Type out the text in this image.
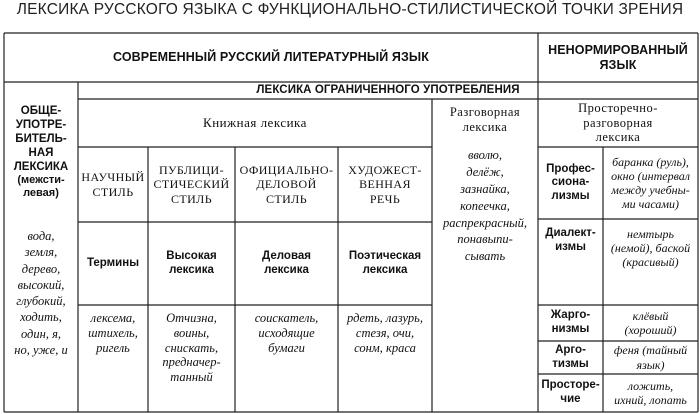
ЛЕКСИКА РУССКОГО ЯЗЫКА С ФУНКЦИОНАЛЬНО-СТИЛИСТИЧЕСКОЙ ТОЧКИ ЗРЕНИЯ
СОВРЕМЕННЫЙ РУССКИЙ ЛИТЕРАТУРНЫЙ ЯЗЫК
НЕНОРМИРОВАННЫЙ
ЯЗЫК
ЛЕКСИКА ОГРАНИЧЕННОГО УПОТРЕБЛЕНИЯ
ОБЩЕ-
УПОТРЕ-
БИТЕЛЬ-
НАЯ
ЛЕКСИКА
(межсти-
левая)
вода,
земля,
дерево,
высокий,
глубокий,
ходить,
один, я,
но, уже, и
Книжная лексика
НАУЧНЫЙ
СТИЛЬ
ПУБЛИЦИ-
СТИЧЕСКИЙ
СТИЛЬ
ОФИЦИАЛЬНО-
ДЕЛОВОЙ
СТИЛЬ
ХУДОЖЕСТ-
ВЕННАЯ
РЕЧЬ
Термины
Высокая
лексика
Деловая
лексика
Поэтическая
лексика
лексема,
штихель,
ригель
Отчизна,
воины,
снискать,
предначер-
танный
соискатель,
исходящие
бумаги
рдеть, лазурь,
стезя, очи,
сонм, краса
Разговорная
лексика
вволю,
делёж,
зазнайка,
копеечка,
распрекрасный,
понавыпи-
сывать
Просторечно-
разговорная
лексика
Профес-
сиона-
лизмы
баранка (руль),
окно (интервал
между учебны-
ми часами)
Диалект-
измы
немтырь
(немой), баской
(красивый)
Жарго-
низмы
клёвый
(хороший)
Арго-
тизмы
феня (тайный
язык)
Просторе-
чие
ложить,
ихний, лопать
